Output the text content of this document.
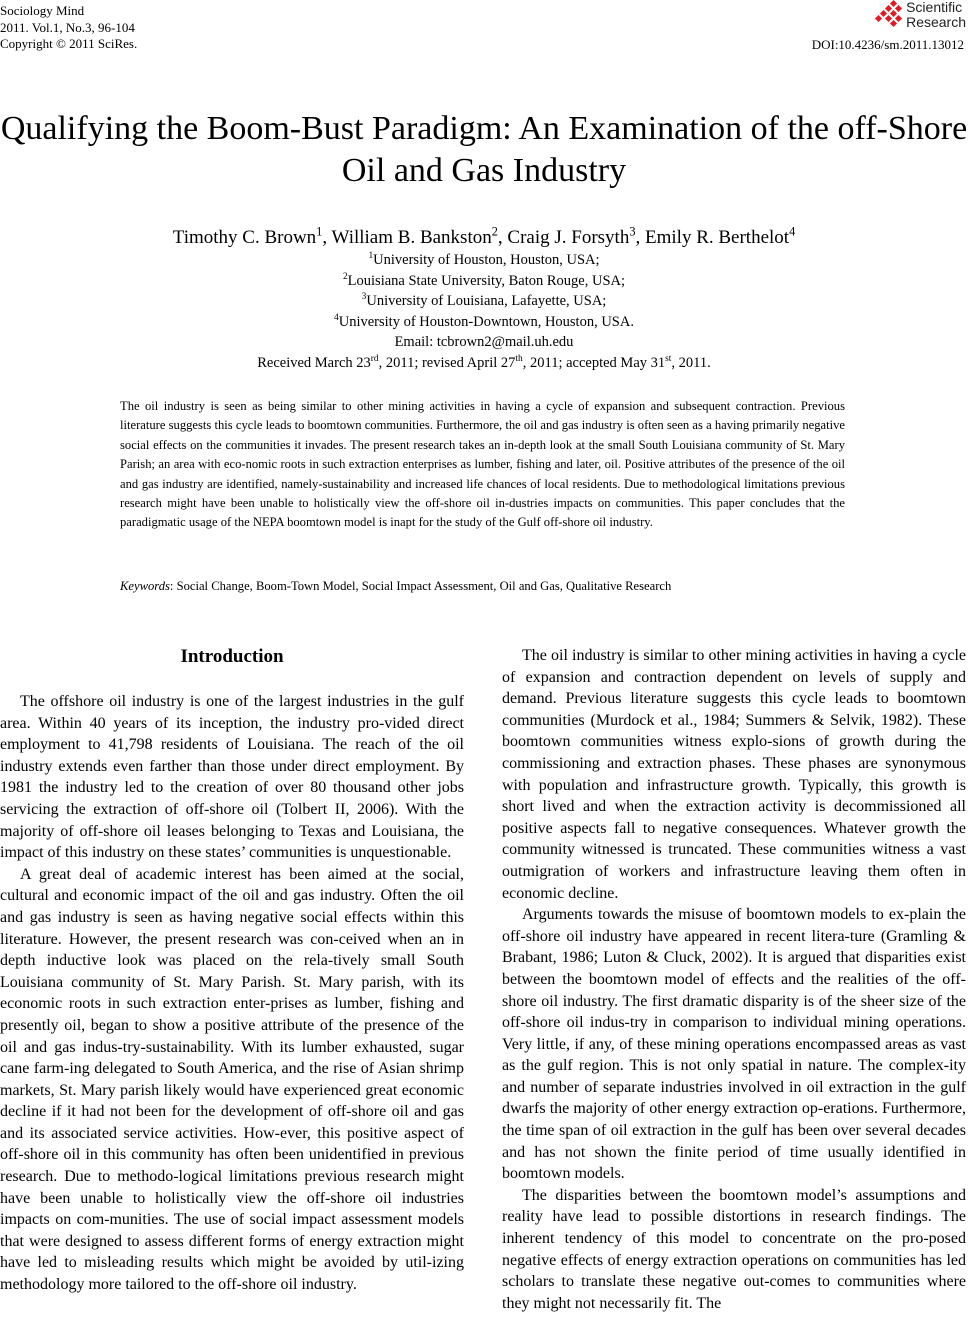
Sociology Mind
2011. Vol.1, No.3, 96-104
Copyright © 2011 SciRes.
Scientific
Research
DOI:10.4236/sm.2011.13012
Qualifying the Boom-Bust Paradigm: An Examination of the off-Shore Oil and Gas Industry
Timothy C. Brown$^1$, William B. Bankston$^2$, Craig J. Forsyth$^3$, Emily R. Berthelot$^4$
$^1$University of Houston, Houston, USA;
$^2$Louisiana State University, Baton Rouge, USA;
$^3$University of Louisiana, Lafayette, USA;
$^4$University of Houston-Downtown, Houston, USA.
Email: tcbrown2@mail.uh.edu
Received March 23rd, 2011; revised April 27th, 2011; accepted May 31st, 2011.
The oil industry is seen as being similar to other mining activities in having a cycle of expansion and subsequent contraction. Previous literature suggests this cycle leads to boomtown communities. Furthermore, the oil and gas industry is often seen as a having primarily negative social effects on the communities it invades. The present research takes an in-depth look at the small South Louisiana community of St. Mary Parish; an area with eco-nomic roots in such extraction enterprises as lumber, fishing and later, oil. Positive attributes of the presence of the oil and gas industry are identified, namely-sustainability and increased life chances of local residents. Due to methodological limitations previous research might have been unable to holistically view the off-shore oil in-dustries impacts on communities. This paper concludes that the paradigmatic usage of the NEPA boomtown model is inapt for the study of the Gulf off-shore oil industry.
Keywords: Social Change, Boom-Town Model, Social Impact Assessment, Oil and Gas, Qualitative Research
Introduction

The offshore oil industry is one of the largest industries in the gulf area. Within 40 years of its inception, the industry pro-vided direct employment to 41,798 residents of Louisiana. The reach of the oil industry extends even farther than those under direct employment. By 1981 the industry led to the creation of over 80 thousand other jobs servicing the extraction of off-shore oil (Tolbert II, 2006). With the majority of off-shore oil leases belonging to Texas and Louisiana, the impact of this industry on these states’ communities is unquestionable.

A great deal of academic interest has been aimed at the social, cultural and economic impact of the oil and gas industry. Often the oil and gas industry is seen as having negative social effects within this literature. However, the present research was con-ceived when an in depth inductive look was placed on the rela-tively small South Louisiana community of St. Mary Parish. St. Mary parish, with its economic roots in such extraction enter-prises as lumber, fishing and presently oil, began to show a positive attribute of the presence of the oil and gas indus-try-sustainability. With its lumber exhausted, sugar cane farm-ing delegated to South America, and the rise of Asian shrimp markets, St. Mary parish likely would have experienced great economic decline if it had not been for the development of off-shore oil and gas and its associated service activities. How-ever, this positive aspect of off-shore oil in this community has often been unidentified in previous research. Due to methodo-logical limitations previous research might have been unable to holistically view the off-shore oil industries impacts on com-munities. The use of social impact assessment models that were designed to assess different forms of energy extraction might have led to misleading results which might be avoided by util-izing methodology more tailored to the off-shore oil industry.

The oil industry is similar to other mining activities in having a cycle of expansion and contraction dependent on levels of supply and demand. Previous literature suggests this cycle leads to boomtown communities (Murdock et al., 1984; Summers & Selvik, 1982). These boomtown communities witness explo-sions of growth during the commissioning and extraction phases. These phases are synonymous with population and infrastructure growth. Typically, this growth is short lived and when the extraction activity is decommissioned all positive aspects fall to negative consequences. Whatever growth the community witnessed is truncated. These communities witness a vast outmigration of workers and infrastructure leaving them often in economic decline.

Arguments towards the misuse of boomtown models to ex-plain the off-shore oil industry have appeared in recent litera-ture (Gramling & Brabant, 1986; Luton & Cluck, 2002). It is argued that disparities exist between the boomtown model of effects and the realities of the off-shore oil industry. The first dramatic disparity is of the sheer size of the off-shore oil indus-try in comparison to individual mining operations. Very little, if any, of these mining operations encompassed areas as vast as the gulf region. This is not only spatial in nature. The complex-ity and number of separate industries involved in oil extraction in the gulf dwarfs the majority of other energy extraction op-erations. Furthermore, the time span of oil extraction in the gulf has been over several decades and has not shown the finite period of time usually identified in boomtown models.

The disparities between the boomtown model’s assumptions and reality have lead to possible distortions in research findings. The inherent tendency of this model to concentrate on the pro-posed negative effects of energy extraction operations on communities has led scholars to translate these negative out-comes to communities where they might not necessarily fit. The
